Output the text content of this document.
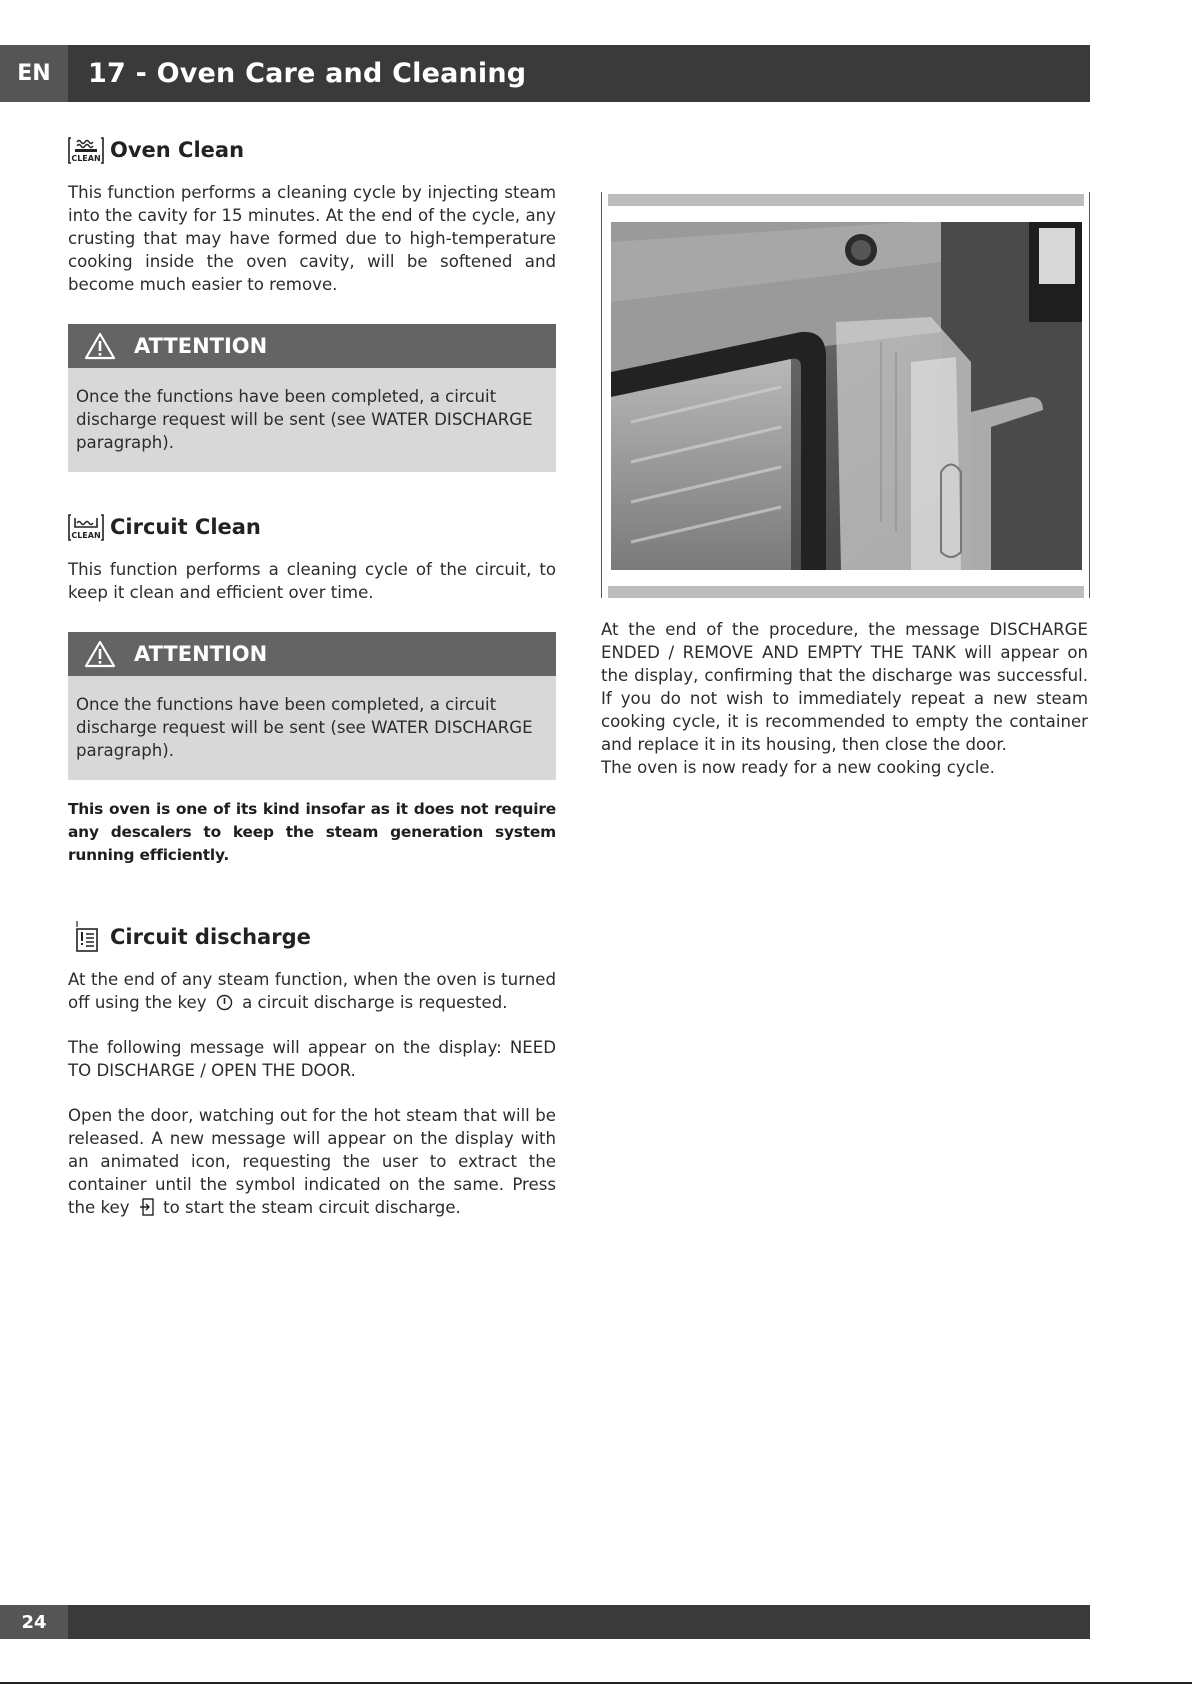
EN	17 - Oven Care and Cleaning
CLEAN Oven Clean

This function performs a cleaning cycle by injecting steam into the cavity for 15 minutes. At the end of the cycle, any crusting that may have formed due to high-temperature cooking inside the oven cavity, will be softened and become much easier to remove.

ATTENTION
Once the functions have been completed, a circuit discharge request will be sent (see WATER DISCHARGE paragraph).
CLEAN Circuit Clean

This function performs a cleaning cycle of the circuit, to keep it clean and efficient over time.

ATTENTION
Once the functions have been completed, a circuit discharge request will be sent (see WATER DISCHARGE paragraph).

This oven is one of its kind insofar as it does not require any descalers to keep the steam generation system running efficiently.

Circuit discharge

At the end of any steam function, when the oven is turned off using the key a circuit discharge is requested.

The following message will appear on the display: NEED TO DISCHARGE / OPEN THE DOOR.

Open the door, watching out for the hot steam that will be released. A new message will appear on the display with an animated icon, requesting the user to extract the container until the symbol indicated on the same. Press the key to start the steam circuit discharge.

At the end of the procedure, the message DISCHARGE ENDED / REMOVE AND EMPTY THE TANK will appear on the display, confirming that the discharge was successful. If you do not wish to immediately repeat a new steam cooking cycle, it is recommended to empty the container and replace it in its housing, then close the door.

The oven is now ready for a new cooking cycle.

24
